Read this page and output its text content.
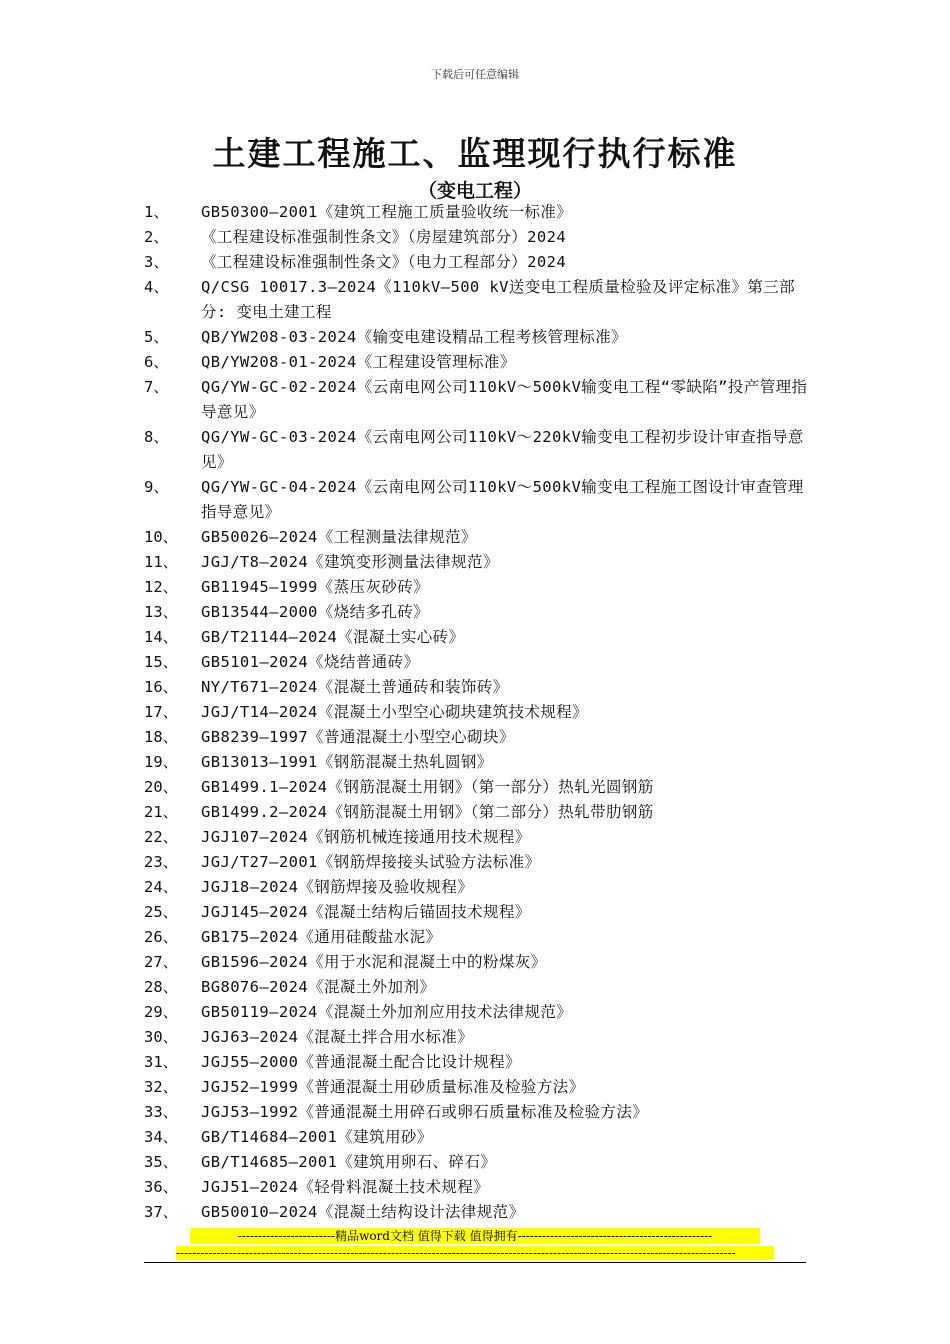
下载后可任意编辑
土建工程施工、监理现行执行标准
（变电工程）
1、 GB50300—2001《建筑工程施工质量验收统一标准》
2、 《工程建设标准强制性条文》（房屋建筑部分）2024
3、 《工程建设标准强制性条文》（电力工程部分）2024
4、 Q/CSG 10017.3—2024《110kV—500 kV送变电工程质量检验及评定标准》第三部分: 变电土建工程
5、 QB/YW208-03-2024《输变电建设精品工程考核管理标准》
6、 QB/YW208-01-2024《工程建设管理标准》
7、 QG/YW-GC-02-2024《云南电网公司110kV～500kV输变电工程“零缺陷”投产管理指导意见》
8、 QG/YW-GC-03-2024《云南电网公司110kV～220kV输变电工程初步设计审查指导意见》
9、 QG/YW-GC-04-2024《云南电网公司110kV～500kV输变电工程施工图设计审查管理指导意见》
10、 GB50026—2024《工程测量法律规范》
11、 JGJ/T8—2024《建筑变形测量法律规范》
12、 GB11945—1999《蒸压灰砂砖》
13、 GB13544—2000《烧结多孔砖》
14、 GB/T21144—2024《混凝土实心砖》
15、 GB5101—2024《烧结普通砖》
16、 NY/T671—2024《混凝土普通砖和装饰砖》
17、 JGJ/T14—2024《混凝土小型空心砌块建筑技术规程》
18、 GB8239—1997《普通混凝土小型空心砌块》
19、 GB13013—1991《钢筋混凝土热轧圆钢》
20、 GB1499.1—2024《钢筋混凝土用钢》（第一部分）热轧光圆钢筋
21、 GB1499.2—2024《钢筋混凝土用钢》（第二部分）热轧带肋钢筋
22、 JGJ107—2024《钢筋机械连接通用技术规程》
23、 JGJ/T27—2001《钢筋焊接接头试验方法标准》
24、 JGJ18—2024《钢筋焊接及验收规程》
25、 JGJ145—2024《混凝土结构后锚固技术规程》
26、 GB175—2024《通用硅酸盐水泥》
27、 GB1596—2024《用于水泥和混凝土中的粉煤灰》
28、 BG8076—2024《混凝土外加剂》
29、 GB50119—2024《混凝土外加剂应用技术法律规范》
30、 JGJ63—2024《混凝土拌合用水标准》
31、 JGJ55—2000《普通混凝土配合比设计规程》
32、 JGJ52—1999《普通混凝土用砂质量标准及检验方法》
33、 JGJ53—1992《普通混凝土用碎石或卵石质量标准及检验方法》
34、 GB/T14684—2001《建筑用砂》
35、 GB/T14685—2001《建筑用卵石、碎石》
36、 JGJ51—2024《轻骨料混凝土技术规程》
37、 GB50010—2024《混凝土结构设计法律规范》
------------------------精品word文档 值得下载 值得拥有------------------------------------------------
------------------------------------------------------------------------------------------------------------------------------------------
